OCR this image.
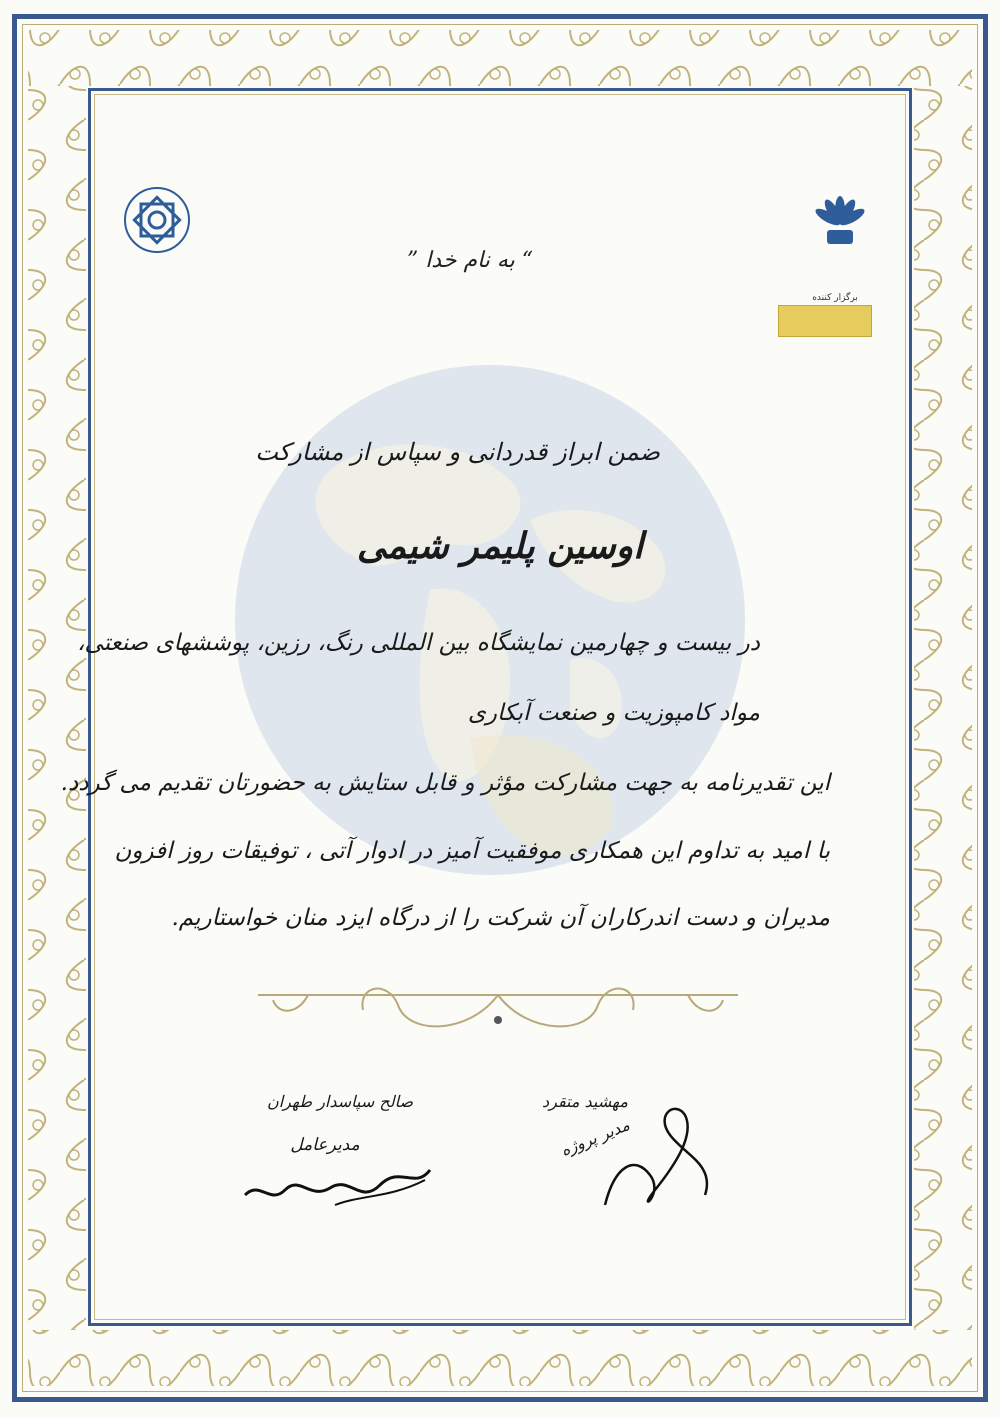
برگزار کننده
“ به نام خدا ”
ضمن ابراز قدردانی و سپاس از مشارکت
اوسین پلیمر شیمی
در بیست و چهارمین نمایشگاه بین المللی رنگ، رزین، پوششهای صنعتی،
مواد کامپوزیت و صنعت آبکاری
این تقدیرنامه به جهت مشارکت مؤثر و قابل ستایش به حضورتان تقدیم می گردد.
با امید به تداوم این همکاری موفقیت آمیز در ادوار آتی ، توفیقات روز افزون
مدیران و دست اندرکاران آن شرکت را از درگاه ایزد منان خواستاریم.
صالح سپاسدار طهران
مدیرعامل
مهشید متقرد
مدیر پروژه
